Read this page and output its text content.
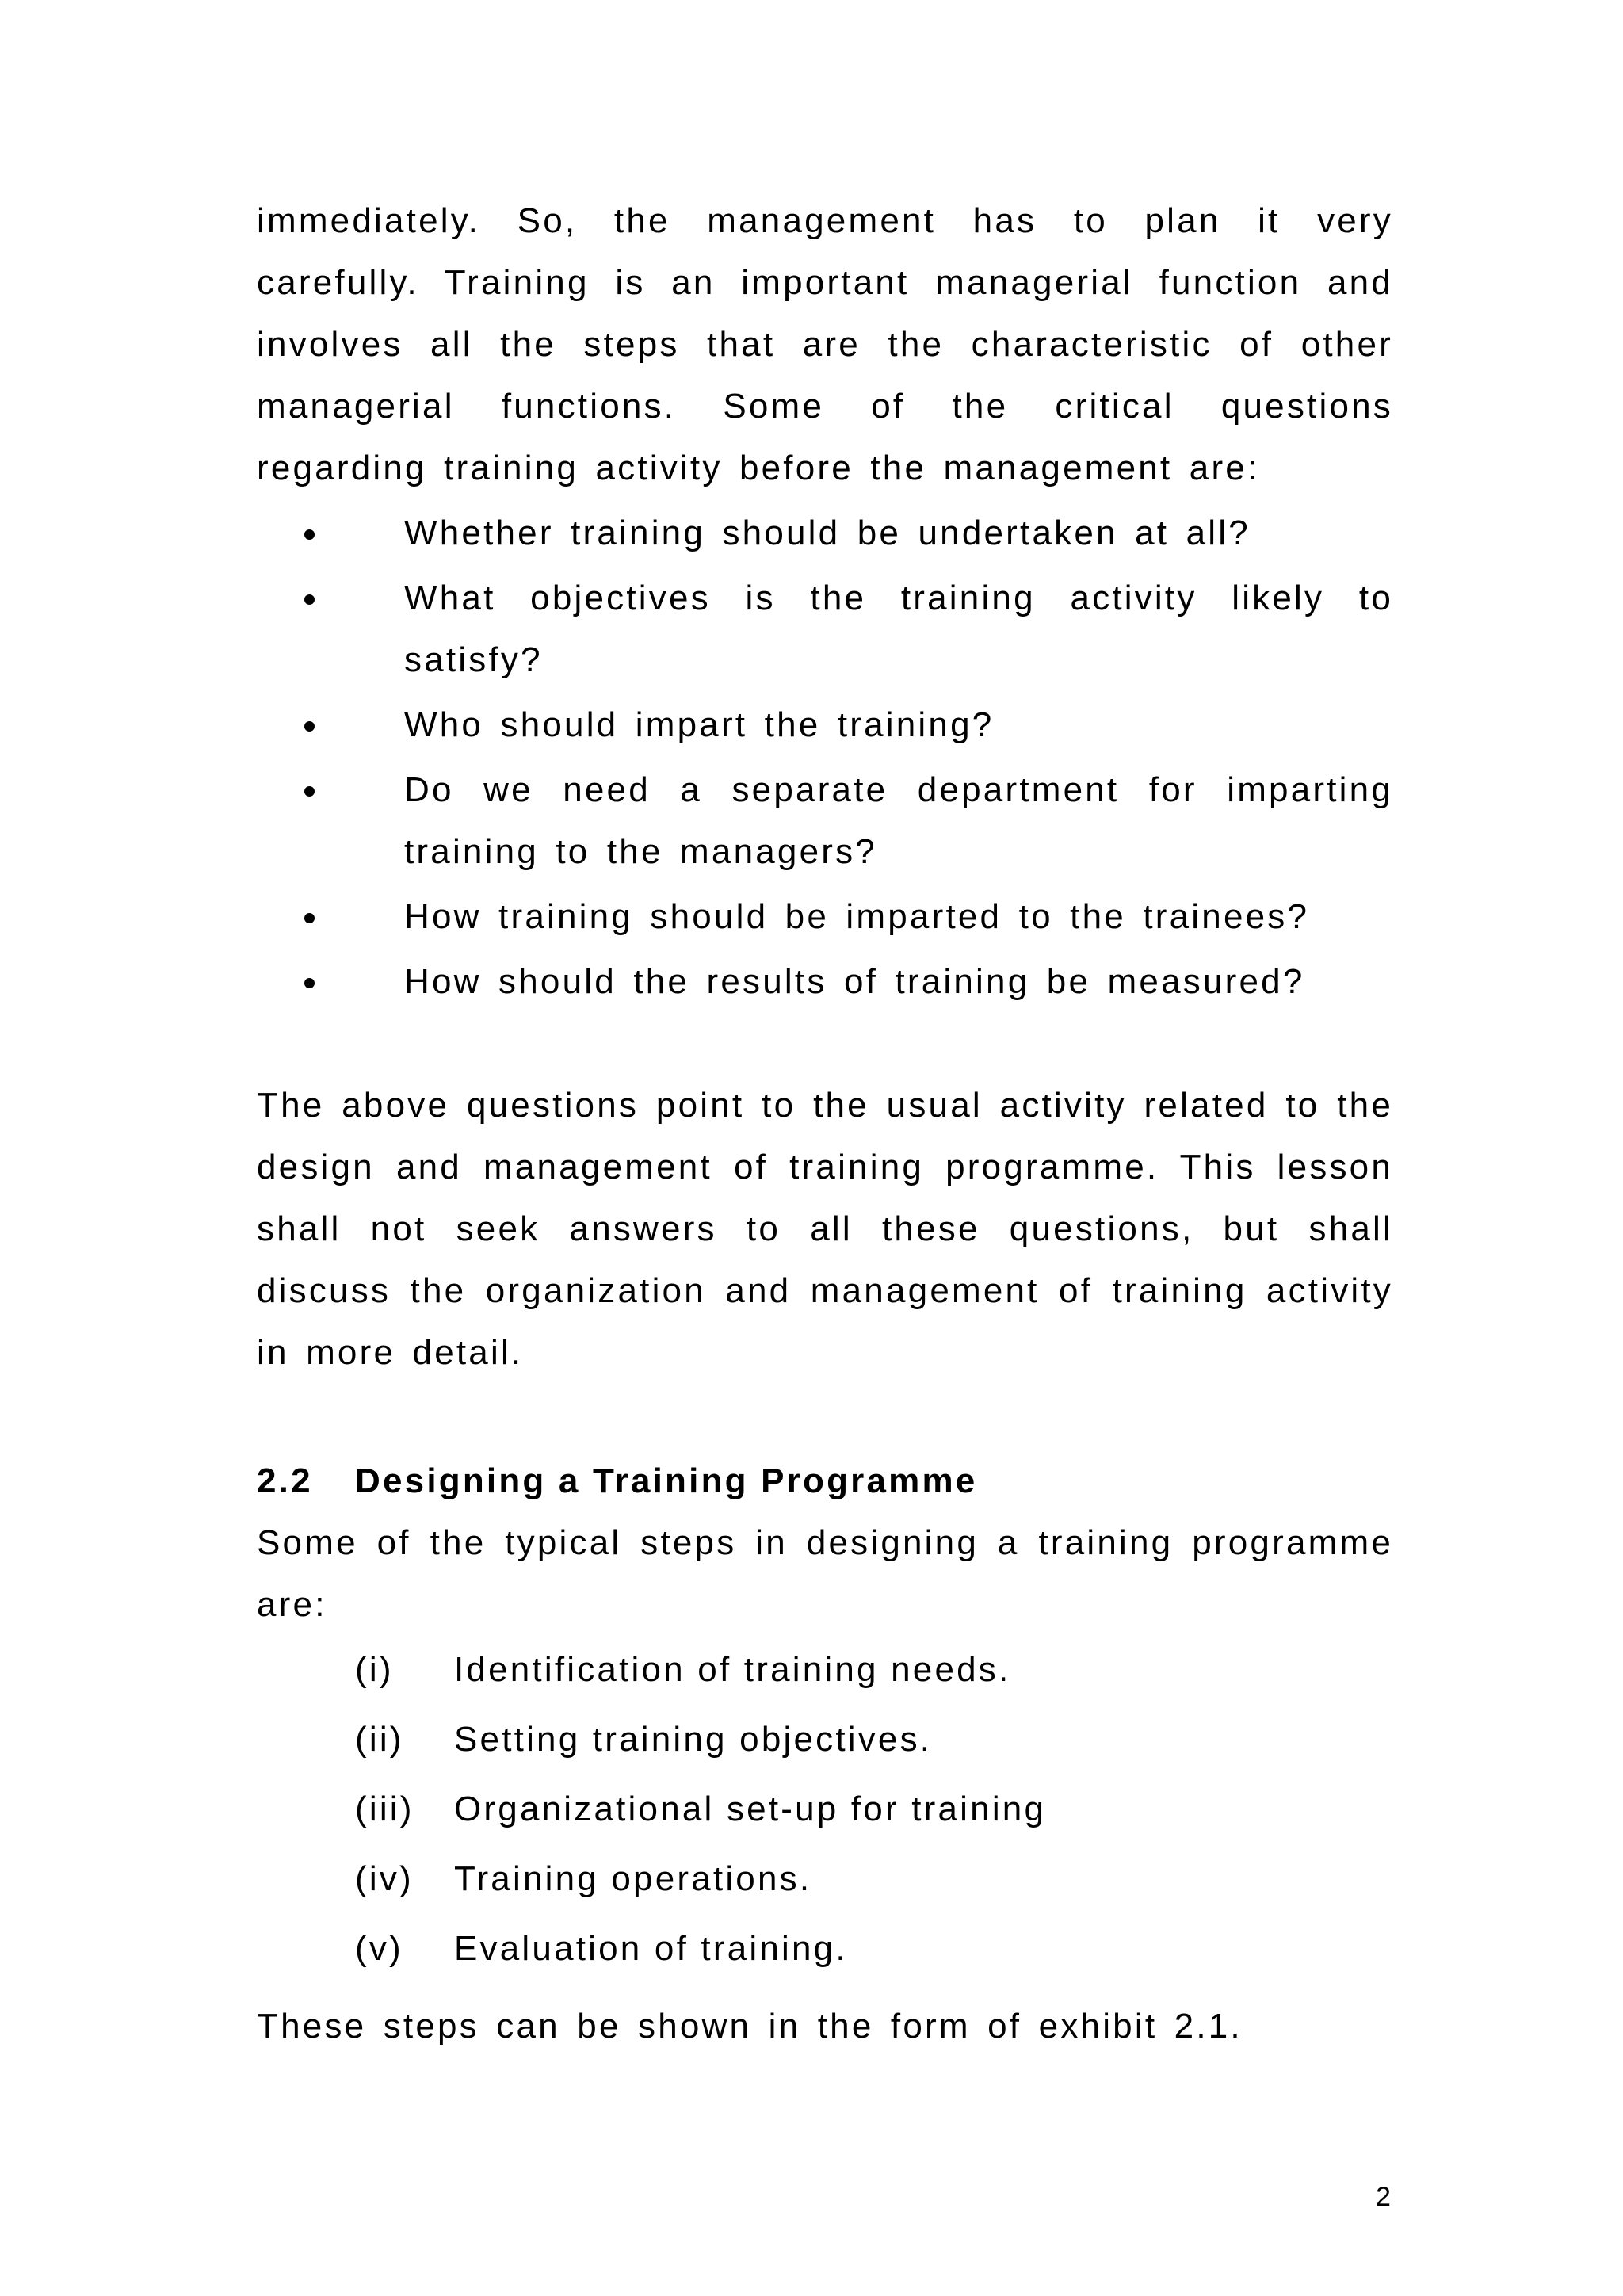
immediately. So, the management has to plan it very carefully. Training is an important managerial function and involves all the steps that are the characteristic of other managerial functions. Some of the critical questions regarding training activity before the management are:

Whether training should be undertaken at all?
What objectives is the training activity likely to satisfy?
Who should impart the training?
Do we need a separate department for imparting training to the managers?
How training should be imparted to the trainees?
How should the results of training be measured?

The above questions point to the usual activity related to the design and management of training programme. This lesson shall not seek answers to all these questions, but shall discuss the organization and management of training activity in more detail.

2.2	Designing a Training Programme

Some of the typical steps in designing a training programme are:

(i) Identification of training needs.
(ii) Setting training objectives.
(iii) Organizational set-up for training
(iv) Training operations.
(v) Evaluation of training.

These steps can be shown in the form of exhibit 2.1.

2
